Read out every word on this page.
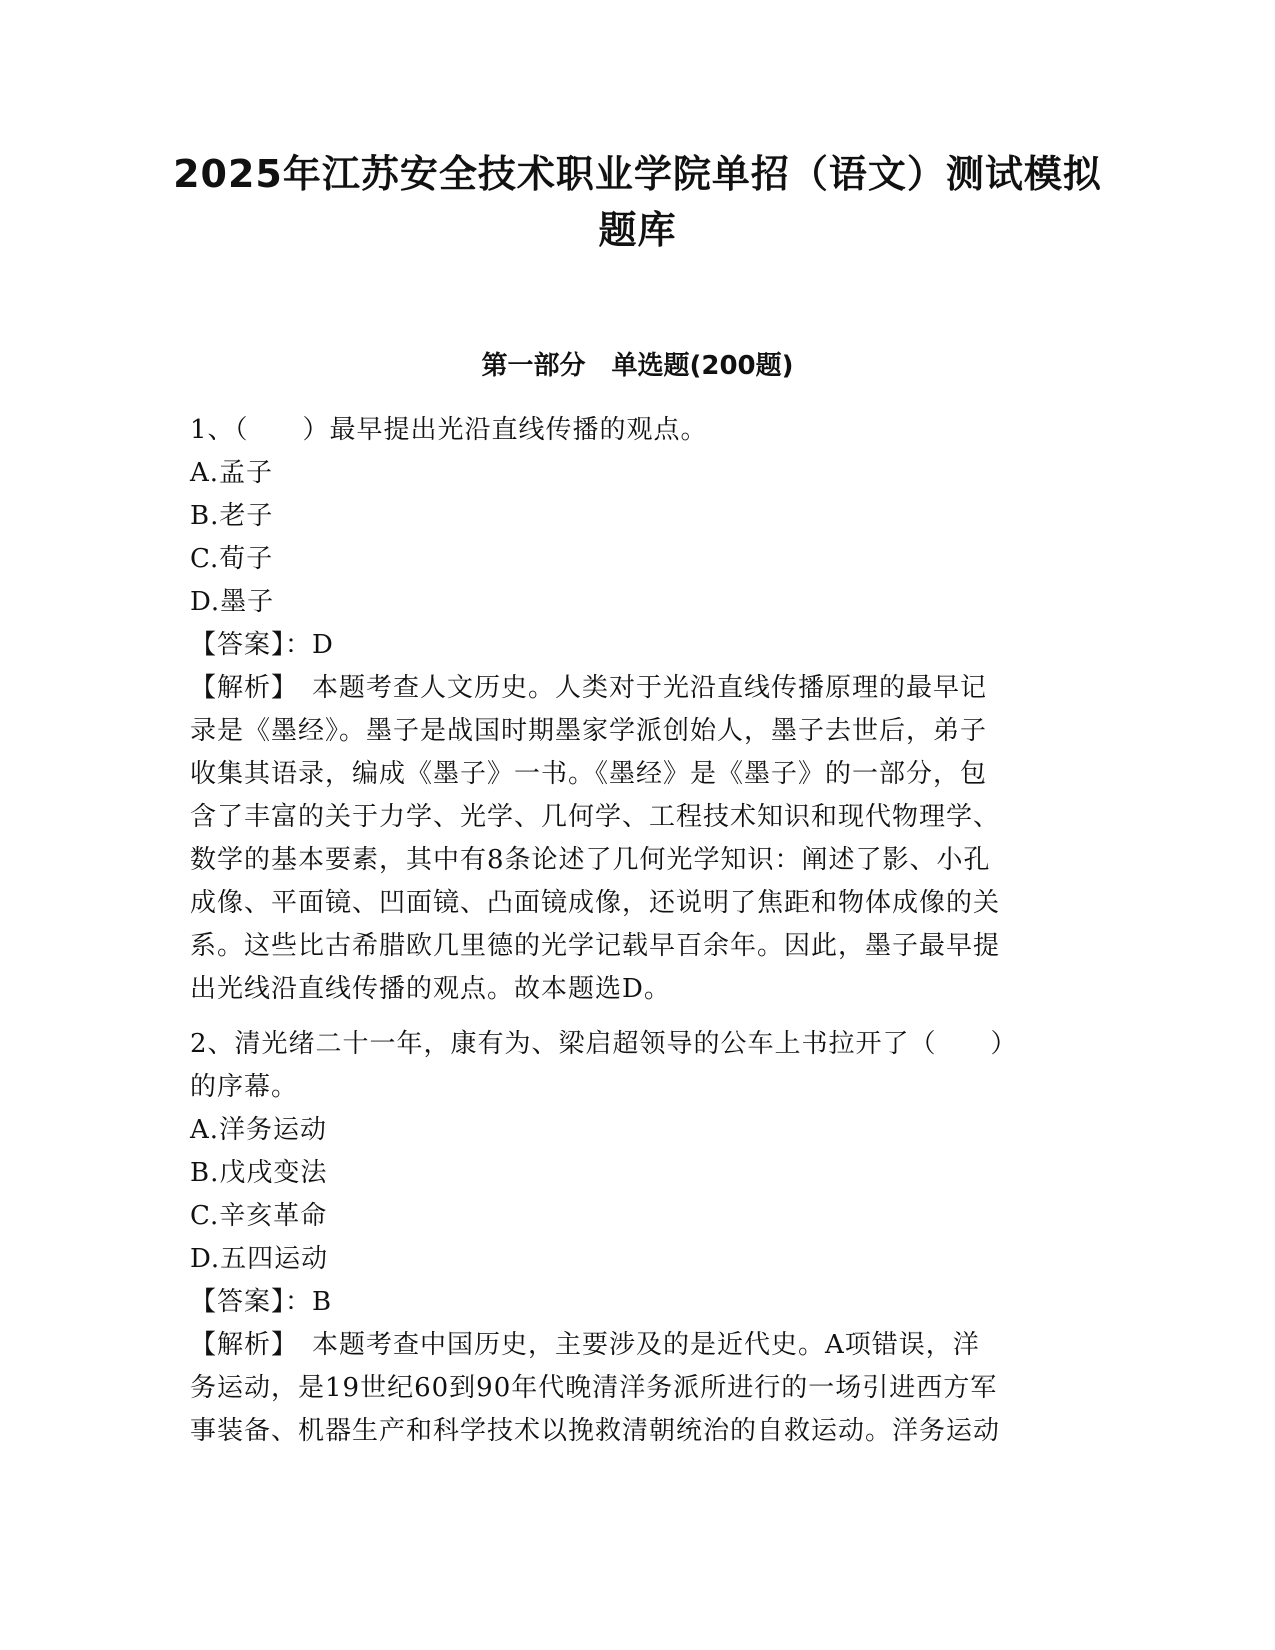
2025年江苏安全技术职业学院单招（语文）测试模拟
题库
第一部分　单选题(200题)
1、（　　）最早提出光沿直线传播的观点。
A.孟子
B.老子
C.荀子
D.墨子
【答案】：D
【解析】　本题考查人文历史。人类对于光沿直线传播原理的最早记
录是《墨经》。墨子是战国时期墨家学派创始人，墨子去世后，弟子
收集其语录，编成《墨子》一书。《墨经》是《墨子》的一部分，包
含了丰富的关于力学、光学、几何学、工程技术知识和现代物理学、
数学的基本要素，其中有8条论述了几何光学知识：阐述了影、小孔
成像、平面镜、凹面镜、凸面镜成像，还说明了焦距和物体成像的关
系。这些比古希腊欧几里德的光学记载早百余年。因此，墨子最早提
出光线沿直线传播的观点。故本题选D。
2、清光绪二十一年，康有为、梁启超领导的公车上书拉开了（　　）
的序幕。
A.洋务运动
B.戊戌变法
C.辛亥革命
D.五四运动
【答案】：B
【解析】　本题考查中国历史，主要涉及的是近代史。A项错误，洋
务运动，是19世纪60到90年代晚清洋务派所进行的一场引进西方军
事装备、机器生产和科学技术以挽救清朝统治的自救运动。洋务运动
